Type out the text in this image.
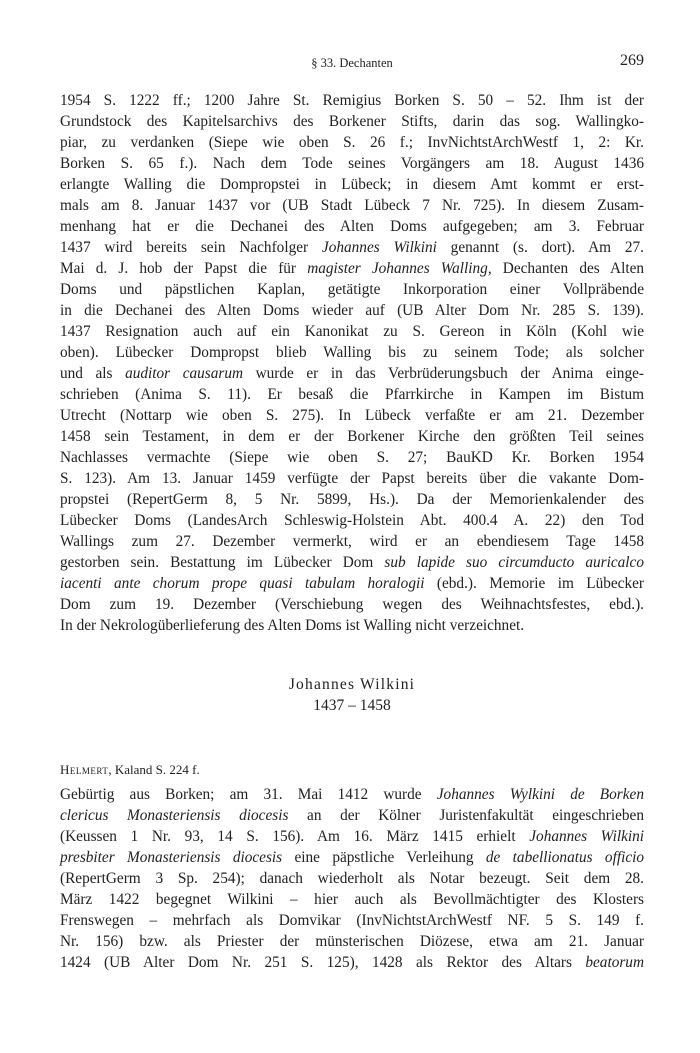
§ 33. Dechanten	269
1954 S. 1222 ff.; 1200 Jahre St. Remigius Borken S. 50 – 52. Ihm ist der
Grundstock des Kapitelsarchivs des Borkener Stifts, darin das sog. Wallingko-
piar, zu verdanken (Siepe wie oben S. 26 f.; InvNichtstArchWestf 1, 2: Kr.
Borken S. 65 f.). Nach dem Tode seines Vorgängers am 18. August 1436
erlangte Walling die Dompropstei in Lübeck; in diesem Amt kommt er erst-
mals am 8. Januar 1437 vor (UB Stadt Lübeck 7 Nr. 725). In diesem Zusam-
menhang hat er die Dechanei des Alten Doms aufgegeben; am 3. Februar
1437 wird bereits sein Nachfolger Johannes Wilkini genannt (s. dort). Am 27.
Mai d. J. hob der Papst die für magister Johannes Walling, Dechanten des Alten
Doms und päpstlichen Kaplan, getätigte Inkorporation einer Vollpräbende
in die Dechanei des Alten Doms wieder auf (UB Alter Dom Nr. 285 S. 139).
1437 Resignation auch auf ein Kanonikat zu S. Gereon in Köln (Kohl wie
oben). Lübecker Dompropst blieb Walling bis zu seinem Tode; als solcher
und als auditor causarum wurde er in das Verbrüderungsbuch der Anima einge-
schrieben (Anima S. 11). Er besaß die Pfarrkirche in Kampen im Bistum
Utrecht (Nottarp wie oben S. 275). In Lübeck verfaßte er am 21. Dezember
1458 sein Testament, in dem er der Borkener Kirche den größten Teil seines
Nachlasses vermachte (Siepe wie oben S. 27; BauKD Kr. Borken 1954
S. 123). Am 13. Januar 1459 verfügte der Papst bereits über die vakante Dom-
propstei (RepertGerm 8, 5 Nr. 5899, Hs.). Da der Memorienkalender des
Lübecker Doms (LandesArch Schleswig-Holstein Abt. 400.4 A. 22) den Tod
Wallings zum 27. Dezember vermerkt, wird er an ebendiesem Tage 1458
gestorben sein. Bestattung im Lübecker Dom sub lapide suo circumducto auricalco
iacenti ante chorum prope quasi tabulam horalogii (ebd.). Memorie im Lübecker
Dom zum 19. Dezember (Verschiebung wegen des Weihnachtsfestes, ebd.).
In der Nekrologüberlieferung des Alten Doms ist Walling nicht verzeichnet.
Johannes Wilkini
1437 – 1458
Helmert, Kaland S. 224 f.
Gebürtig aus Borken; am 31. Mai 1412 wurde Johannes Wylkini de Borken
clericus Monasteriensis diocesis an der Kölner Juristenfakultät eingeschrieben
(Keussen 1 Nr. 93, 14 S. 156). Am 16. März 1415 erhielt Johannes Wilkini
presbiter Monasteriensis diocesis eine päpstliche Verleihung de tabellionatus officio
(RepertGerm 3 Sp. 254); danach wiederholt als Notar bezeugt. Seit dem 28.
März 1422 begegnet Wilkini – hier auch als Bevollmächtigter des Klosters
Frenswegen – mehrfach als Domvikar (InvNichtstArchWestf NF. 5 S. 149 f.
Nr. 156) bzw. als Priester der münsterischen Diözese, etwa am 21. Januar
1424 (UB Alter Dom Nr. 251 S. 125), 1428 als Rektor des Altars beatorum
